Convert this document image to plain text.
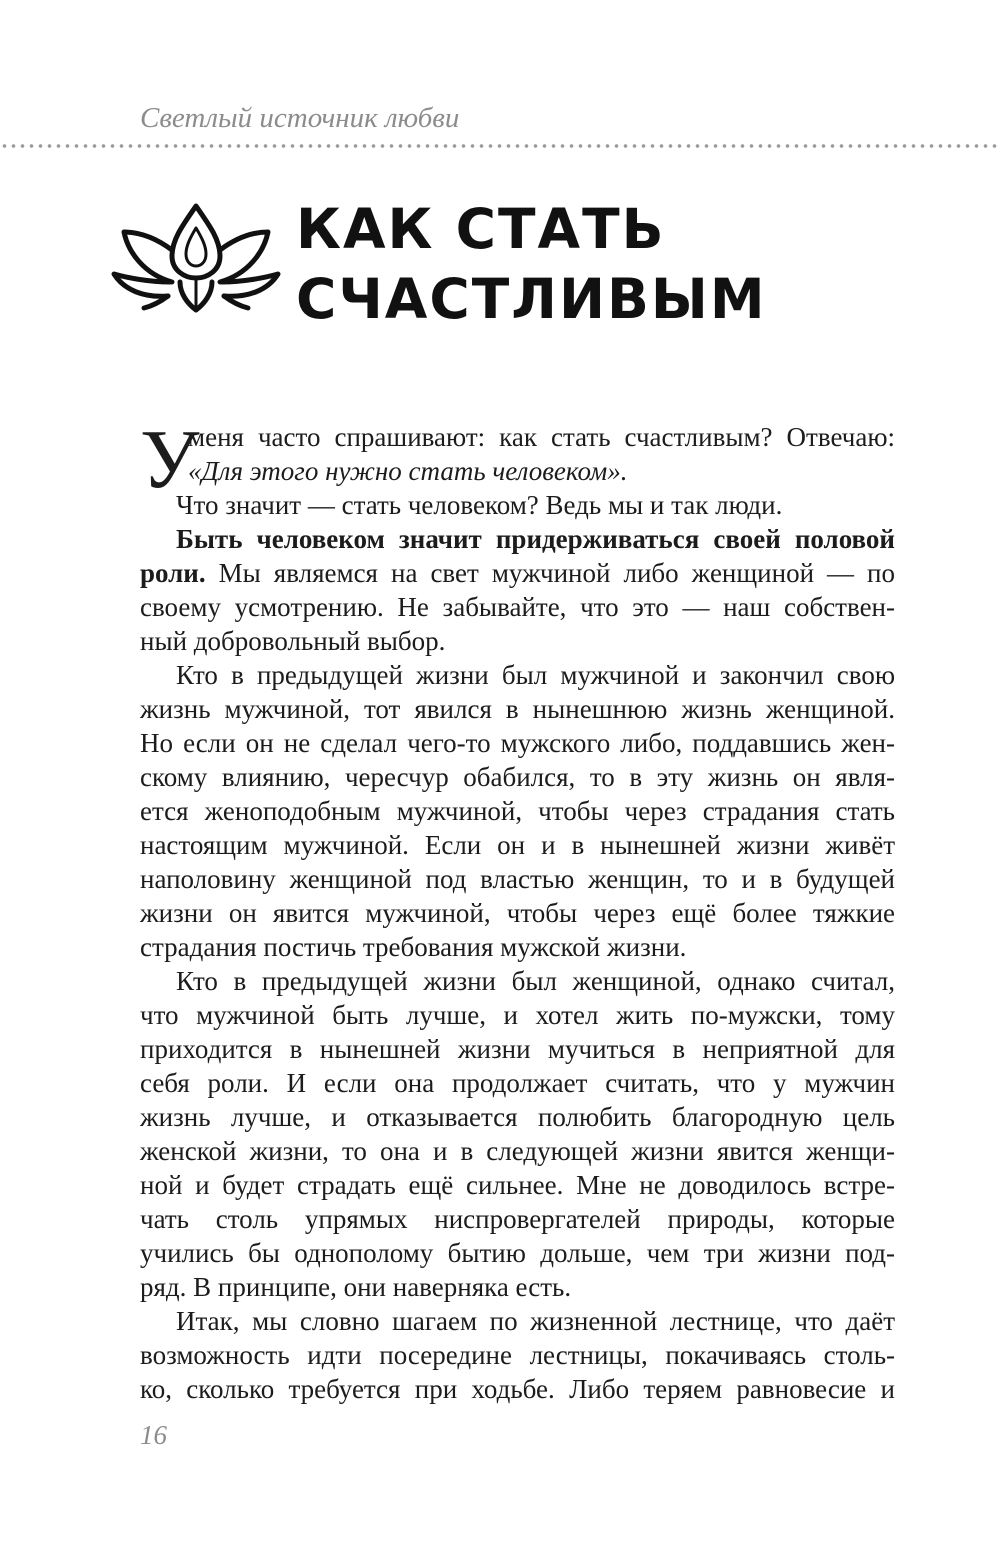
Светлый источник любви
КАК СТАТЬ
СЧАСТЛИВЫМ
У
меня часто спрашивают: как стать счастливым? Отвечаю:
«Для этого нужно стать человеком».
Что значит — стать человеком? Ведь мы и так люди.
Быть человеком значит придерживаться своей половой
роли. Мы являемся на свет мужчиной либо женщиной — по
своему усмотрению. Не забывайте, что это — наш собствен-
ный добровольный выбор.
Кто в предыдущей жизни был мужчиной и закончил свою
жизнь мужчиной, тот явился в нынешнюю жизнь женщиной.
Но если он не сделал чего-то мужского либо, поддавшись жен-
скому влиянию, чересчур обабился, то в эту жизнь он явля-
ется женоподобным мужчиной, чтобы через страдания стать
настоящим мужчиной. Если он и в нынешней жизни живёт
наполовину женщиной под властью женщин, то и в будущей
жизни он явится мужчиной, чтобы через ещё более тяжкие
страдания постичь требования мужской жизни.
Кто в предыдущей жизни был женщиной, однако считал,
что мужчиной быть лучше, и хотел жить по-мужски, тому
приходится в нынешней жизни мучиться в неприятной для
себя роли. И если она продолжает считать, что у мужчин
жизнь лучше, и отказывается полюбить благородную цель
женской жизни, то она и в следующей жизни явится женщи-
ной и будет страдать ещё сильнее. Мне не доводилось встре-
чать столь упрямых ниспровергателей природы, которые
учились бы однополому бытию дольше, чем три жизни под-
ряд. В принципе, они наверняка есть.
Итак, мы словно шагаем по жизненной лестнице, что даёт
возможность идти посередине лестницы, покачиваясь столь-
ко, сколько требуется при ходьбе. Либо теряем равновесие и
16
